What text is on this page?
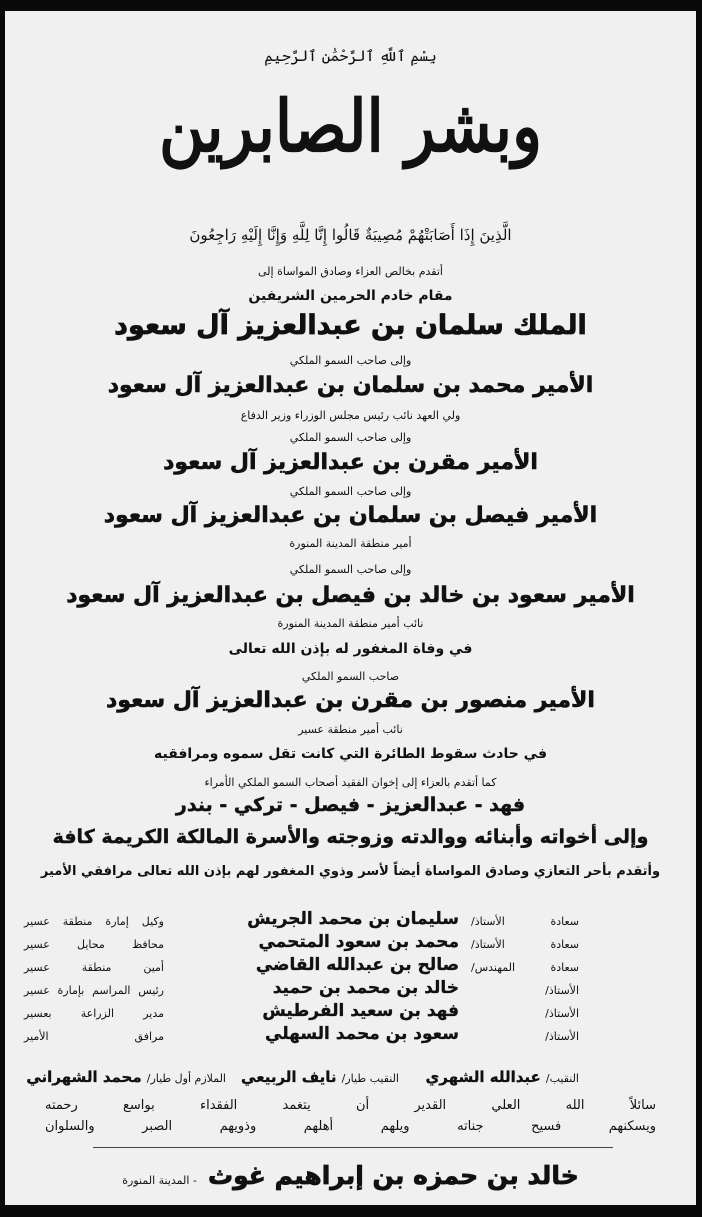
بِسْمِ ٱللَّهِ ٱلرَّحْمَٰنِ ٱلرَّحِيمِ
وبشر الصابرين
الَّذِينَ إِذَا أَصَابَتْهُمْ مُصِيبَةٌ قَالُوا إِنَّا لِلَّهِ وَإِنَّا إِلَيْهِ رَاجِعُونَ
أتقدم بخالص العزاء وصادق المواساة إلى
مقام خادم الحرمين الشريفين
الملك سلمان بن عبدالعزيز آل سعود
وإلى صاحب السمو الملكي
الأمير محمد بن سلمان بن عبدالعزيز آل سعود
ولي العهد نائب رئيس مجلس الوزراء وزير الدفاع
وإلى صاحب السمو الملكي
الأمير مقرن بن عبدالعزيز آل سعود
وإلى صاحب السمو الملكي
الأمير فيصل بن سلمان بن عبدالعزيز آل سعود
أمير منطقة المدينة المنورة
وإلى صاحب السمو الملكي
الأمير سعود بن خالد بن فيصل بن عبدالعزيز آل سعود
نائب أمير منطقة المدينة المنورة
في وفاة المغفور له بإذن الله تعالى
صاحب السمو الملكي
الأمير منصور بن مقرن بن عبدالعزيز آل سعود
نائب أمير منطقة عسير
في حادث سقوط الطائرة التي كانت تقل سموه ومرافقيه
كما أتقدم بالعزاء إلى إخوان الفقيد أصحاب السمو الملكي الأمراء
فهد - عبدالعزيز - فيصل - تركي - بندر
وإلى أخواته وأبنائه ووالدته وزوجته والأسرة المالكة الكريمة كافة
وأتقدم بأحر التعازي وصادق المواساة أيضاً لأسر وذوي المغفور لهم بإذن الله تعالى مرافقي الأمير
سعادة الأستاذ/
سليمان بن محمد الجريش
وكيل إمارة منطقة عسير
سعادة الأستاذ/
محمد بن سعود المتحمي
محافظ محايل عسير
سعادة المهندس/
صالح بن عبدالله القاضي
أمين منطقة عسير
الأستاذ/
خالد بن محمد بن حميد
رئيس المراسم بإمارة عسير
الأستاذ/
فهد بن سعيد الفرطيش
مدير الزراعة بعسير
الأستاذ/
سعود بن محمد السهلي
مرافق الأمير
النقيب/ عبدالله الشهري
النقيب طيار/ نايف الربيعي
الملازم أول طيار/ محمد الشهراني
سائلاً الله العلي القدير أن يتغمد الفقداء بواسع رحمته
ويسكنهم فسيح جناته ويلهم أهلهم وذويهم الصبر والسلوان
خالد بن حمزه بن إبراهيم غوث - المدينة المنورة
